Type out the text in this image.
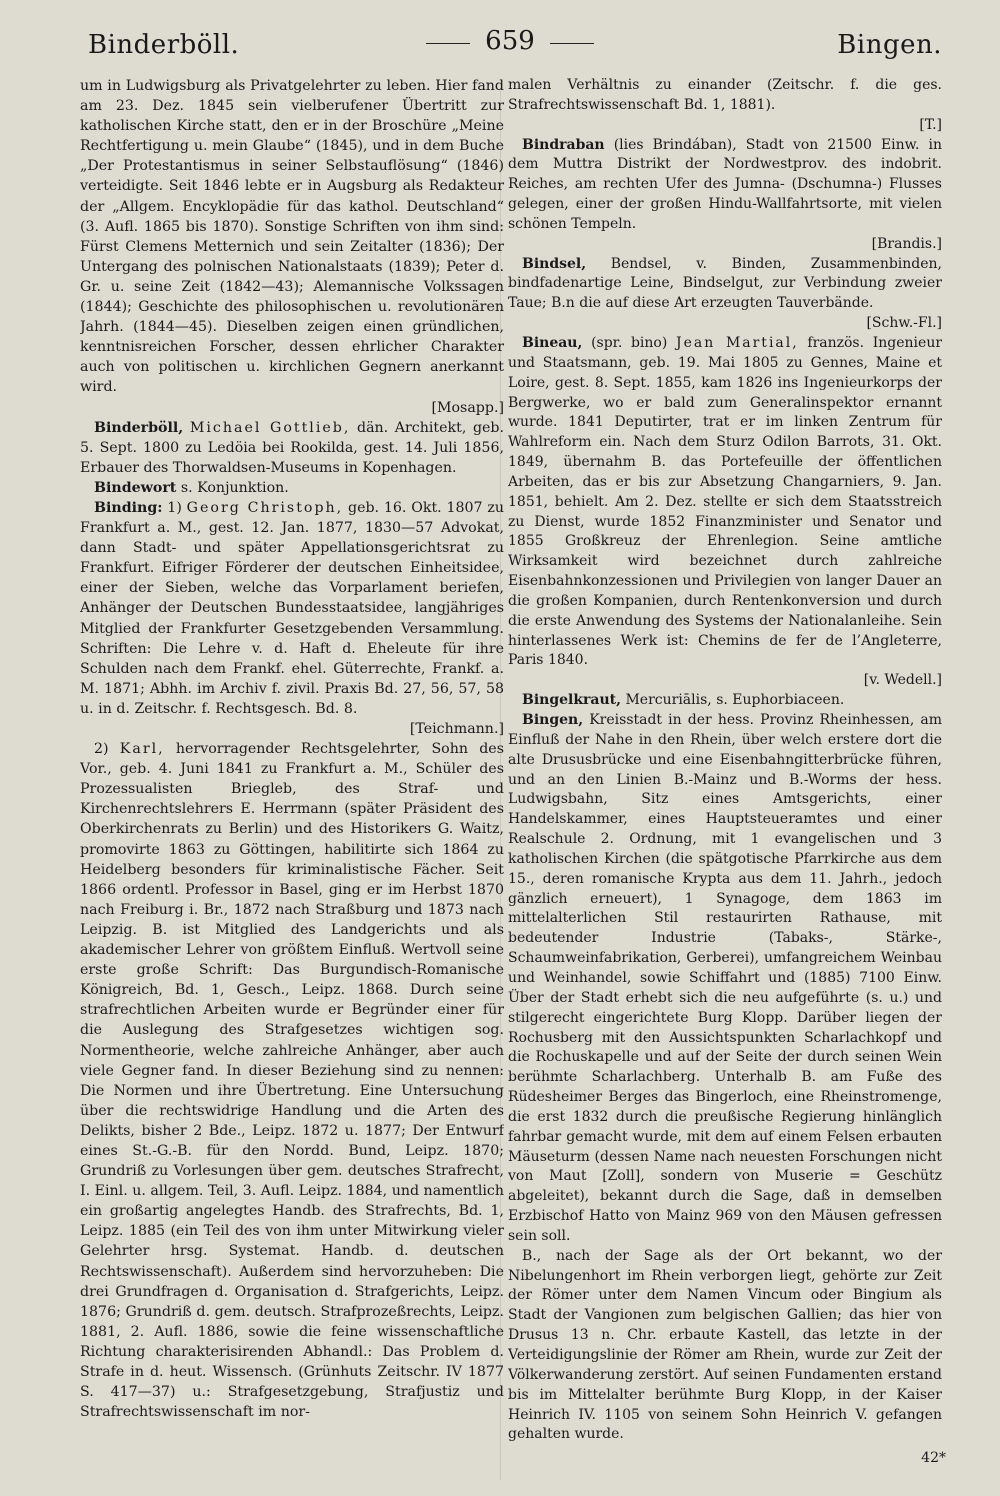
Binderböll.	659	Bingen.

um in Ludwigsburg als Privatgelehrter zu leben. Hier fand am 23. Dez. 1845 sein vielberufener Übertritt zur katholischen Kirche statt, den er in der Broschüre „Meine Rechtfertigung u. mein Glaube“ (1845), und in dem Buche „Der Protestantismus in seiner Selbstauflösung“ (1846) verteidigte. Seit 1846 lebte er in Augsburg als Redakteur der „Allgem. Encyklopädie für das kathol. Deutschland“ (3. Aufl. 1865 bis 1870). Sonstige Schriften von ihm sind: Fürst Clemens Metternich und sein Zeitalter (1836); Der Untergang des polnischen Nationalstaats (1839); Peter d. Gr. u. seine Zeit (1842—43); Alemannische Volkssagen (1844); Geschichte des philosophischen u. revolutionären Jahrh. (1844—45). Dieselben zeigen einen gründlichen, kenntnisreichen Forscher, dessen ehrlicher Charakter auch von politischen u. kirchlichen Gegnern anerkannt wird.
[Mosapp.]

Binderböll, Michael Gottlieb, dän. Architekt, geb. 5. Sept. 1800 zu Ledöia bei Rookilda, gest. 14. Juli 1856, Erbauer des Thorwaldsen-Museums in Kopenhagen.

Bindewort s. Konjunktion.

Binding: 1) Georg Christoph, geb. 16. Okt. 1807 zu Frankfurt a. M., gest. 12. Jan. 1877, 1830—57 Advokat, dann Stadt- und später Appellationsgerichtsrat zu Frankfurt. Eifriger Förderer der deutschen Einheitsidee, einer der Sieben, welche das Vorparlament beriefen, Anhänger der Deutschen Bundesstaatsidee, langjähriges Mitglied der Frankfurter Gesetzgebenden Versammlung. Schriften: Die Lehre v. d. Haft d. Eheleute für ihre Schulden nach dem Frankf. ehel. Güterrechte, Frankf. a. M. 1871; Abhh. im Archiv f. zivil. Praxis Bd. 27, 56, 57, 58 u. in d. Zeitschr. f. Rechtsgesch. Bd. 8.
[Teichmann.]

2) Karl, hervorragender Rechtsgelehrter, Sohn des Vor., geb. 4. Juni 1841 zu Frankfurt a. M., Schüler des Prozessualisten Briegleb, des Straf- und Kirchenrechtslehrers E. Herrmann (später Präsident des Oberkirchenrats zu Berlin) und des Historikers G. Waitz, promovirte 1863 zu Göttingen, habilitirte sich 1864 zu Heidelberg besonders für kriminalistische Fächer. Seit 1866 ordentl. Professor in Basel, ging er im Herbst 1870 nach Freiburg i. Br., 1872 nach Straßburg und 1873 nach Leipzig. B. ist Mitglied des Landgerichts und als akademischer Lehrer von größtem Einfluß. Wertvoll seine erste große Schrift: Das Burgundisch-Romanische Königreich, Bd. 1, Gesch., Leipz. 1868. Durch seine strafrechtlichen Arbeiten wurde er Begründer einer für die Auslegung des Strafgesetzes wichtigen sog. Normentheorie, welche zahlreiche Anhänger, aber auch viele Gegner fand. In dieser Beziehung sind zu nennen: Die Normen und ihre Übertretung. Eine Untersuchung über die rechtswidrige Handlung und die Arten des Delikts, bisher 2 Bde., Leipz. 1872 u. 1877; Der Entwurf eines St.-G.-B. für den Nordd. Bund, Leipz. 1870; Grundriß zu Vorlesungen über gem. deutsches Strafrecht, I. Einl. u. allgem. Teil, 3. Aufl. Leipz. 1884, und namentlich ein großartig angelegtes Handb. des Strafrechts, Bd. 1, Leipz. 1885 (ein Teil des von ihm unter Mitwirkung vieler Gelehrter hrsg. Systemat. Handb. d. deutschen Rechtswissenschaft). Außerdem sind hervorzuheben: Die drei Grundfragen d. Organisation d. Strafgerichts, Leipz. 1876; Grundriß d. gem. deutsch. Strafprozeßrechts, Leipz. 1881, 2. Aufl. 1886, sowie die feine wissenschaftliche Richtung charakterisirenden Abhandl.: Das Problem d. Strafe in d. heut. Wissensch. (Grünhuts Zeitschr. IV 1877 S. 417—37) u.: Strafgesetzgebung, Strafjustiz und Strafrechtswissenschaft im nor-

malen Verhältnis zu einander (Zeitschr. f. die ges. Strafrechtswissenschaft Bd. 1, 1881).
[T.]

Bindraban (lies Brindában), Stadt von 21500 Einw. in dem Muttra Distrikt der Nordwestprov. des indobrit. Reiches, am rechten Ufer des Jumna- (Dschumna-) Flusses gelegen, einer der großen Hindu-Wallfahrtsorte, mit vielen schönen Tempeln.
[Brandis.]

Bindsel, Bendsel, v. Binden, Zusammenbinden, bindfadenartige Leine, Bindselgut, zur Verbindung zweier Taue; B.n die auf diese Art erzeugten Tauverbände.
[Schw.-Fl.]

Bineau, (spr. bino) Jean Martial, französ. Ingenieur und Staatsmann, geb. 19. Mai 1805 zu Gennes, Maine et Loire, gest. 8. Sept. 1855, kam 1826 ins Ingenieurkorps der Bergwerke, wo er bald zum Generalinspektor ernannt wurde. 1841 Deputirter, trat er im linken Zentrum für Wahlreform ein. Nach dem Sturz Odilon Barrots, 31. Okt. 1849, übernahm B. das Portefeuille der öffentlichen Arbeiten, das er bis zur Absetzung Changarniers, 9. Jan. 1851, behielt. Am 2. Dez. stellte er sich dem Staatsstreich zu Dienst, wurde 1852 Finanzminister und Senator und 1855 Großkreuz der Ehrenlegion. Seine amtliche Wirksamkeit wird bezeichnet durch zahlreiche Eisenbahnkonzessionen und Privilegien von langer Dauer an die großen Kompanien, durch Rentenkonversion und durch die erste Anwendung des Systems der Nationalanleihe. Sein hinterlassenes Werk ist: Chemins de fer de l’Angleterre, Paris 1840.
[v. Wedell.]

Bingelkraut, Mercuriālis, s. Euphorbiaceen.

Bingen, Kreisstadt in der hess. Provinz Rheinhessen, am Einfluß der Nahe in den Rhein, über welch erstere dort die alte Drususbrücke und eine Eisenbahngitterbrücke führen, und an den Linien B.-Mainz und B.-Worms der hess. Ludwigsbahn, Sitz eines Amtsgerichts, einer Handelskammer, eines Hauptsteueramtes und einer Realschule 2. Ordnung, mit 1 evangelischen und 3 katholischen Kirchen (die spätgotische Pfarrkirche aus dem 15., deren romanische Krypta aus dem 11. Jahrh., jedoch gänzlich erneuert), 1 Synagoge, dem 1863 im mittelalterlichen Stil restaurirten Rathause, mit bedeutender Industrie (Tabaks-, Stärke-, Schaumweinfabrikation, Gerberei), umfangreichem Weinbau und Weinhandel, sowie Schiffahrt und (1885) 7100 Einw. Über der Stadt erhebt sich die neu aufgeführte (s. u.) und stilgerecht eingerichtete Burg Klopp. Darüber liegen der Rochusberg mit den Aussichtspunkten Scharlachkopf und die Rochuskapelle und auf der Seite der durch seinen Wein berühmte Scharlachberg. Unterhalb B. am Fuße des Rüdesheimer Berges das Bingerloch, eine Rheinstromenge, die erst 1832 durch die preußische Regierung hinlänglich fahrbar gemacht wurde, mit dem auf einem Felsen erbauten Mäuseturm (dessen Name nach neuesten Forschungen nicht von Maut [Zoll], sondern von Muserie = Geschütz abgeleitet), bekannt durch die Sage, daß in demselben Erzbischof Hatto von Mainz 969 von den Mäusen gefressen sein soll.

B., nach der Sage als der Ort bekannt, wo der Nibelungenhort im Rhein verborgen liegt, gehörte zur Zeit der Römer unter dem Namen Vincum oder Bingium als Stadt der Vangionen zum belgischen Gallien; das hier von Drusus 13 n. Chr. erbaute Kastell, das letzte in der Verteidigungslinie der Römer am Rhein, wurde zur Zeit der Völkerwanderung zerstört. Auf seinen Fundamenten erstand bis im Mittelalter berühmte Burg Klopp, in der Kaiser Heinrich IV. 1105 von seinem Sohn Heinrich V. gefangen gehalten wurde.

42*
